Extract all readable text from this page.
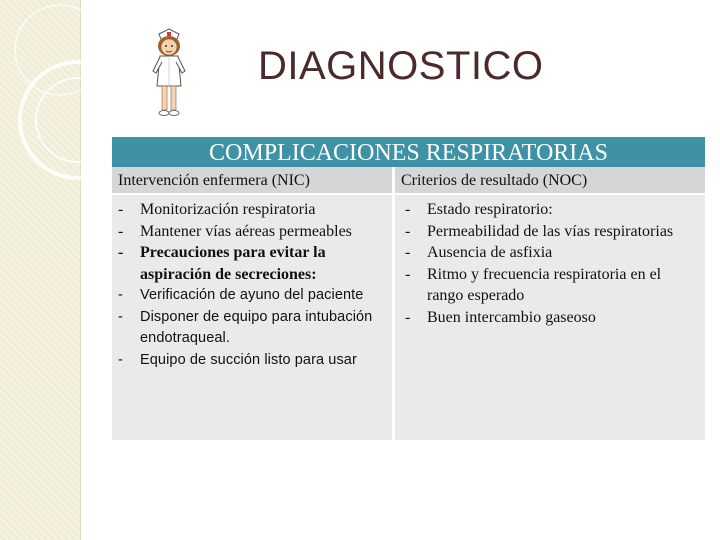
DIAGNOSTICO
COMPLICACIONES RESPIRATORIAS
Intervención enfermera (NIC)	Criterios de resultado (NOC)
- Monitorización respiratoria
- Mantener vías aéreas permeables
- Precauciones para evitar la aspiración de secreciones:
- Verificación de ayuno del paciente
- Disponer de equipo para intubación endotraqueal.
- Equipo de succión listo para usar
- Estado respiratorio:
- Permeabilidad de las vías respiratorias
- Ausencia de asfixia
- Ritmo y frecuencia respiratoria en el rango esperado
- Buen intercambio gaseoso
